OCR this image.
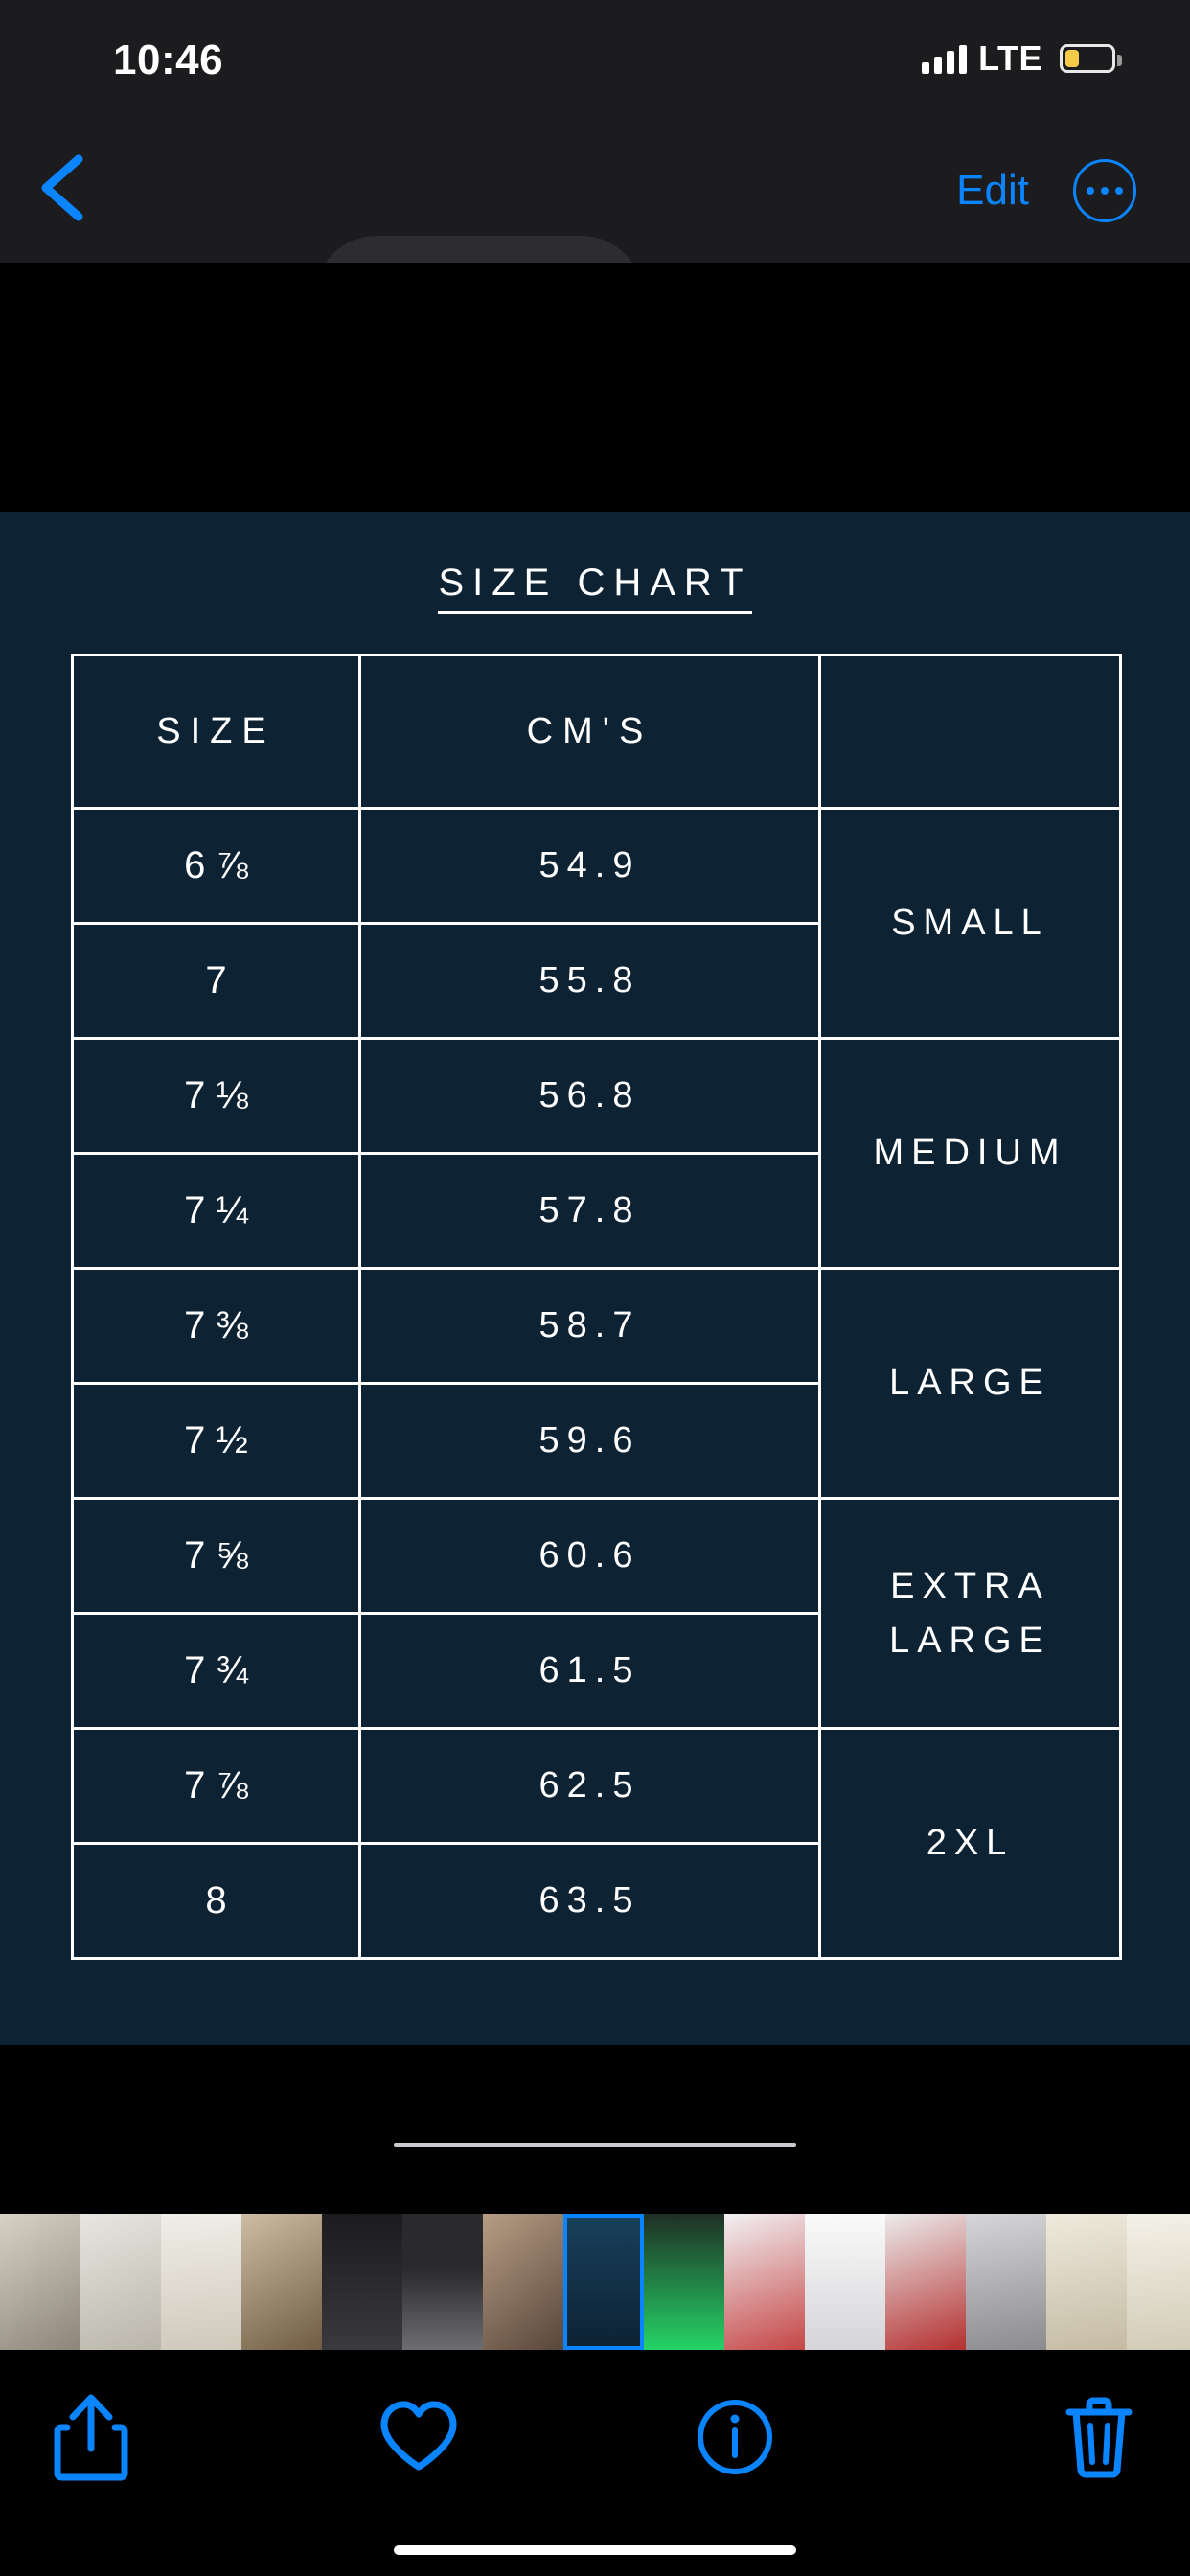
10:46	LTE
Edit
SIZE CHART
SIZE	CM'S	
6 ⅞	54.9	SMALL
7	55.8	
7 ⅛	56.8	MEDIUM
7 ¼	57.8	
7 ⅜	58.7	LARGE
7 ½	59.6	
7 ⅝	60.6	EXTRA LARGE
7 ¾	61.5	
7 ⅞	62.5	2XL
8	63.5	
